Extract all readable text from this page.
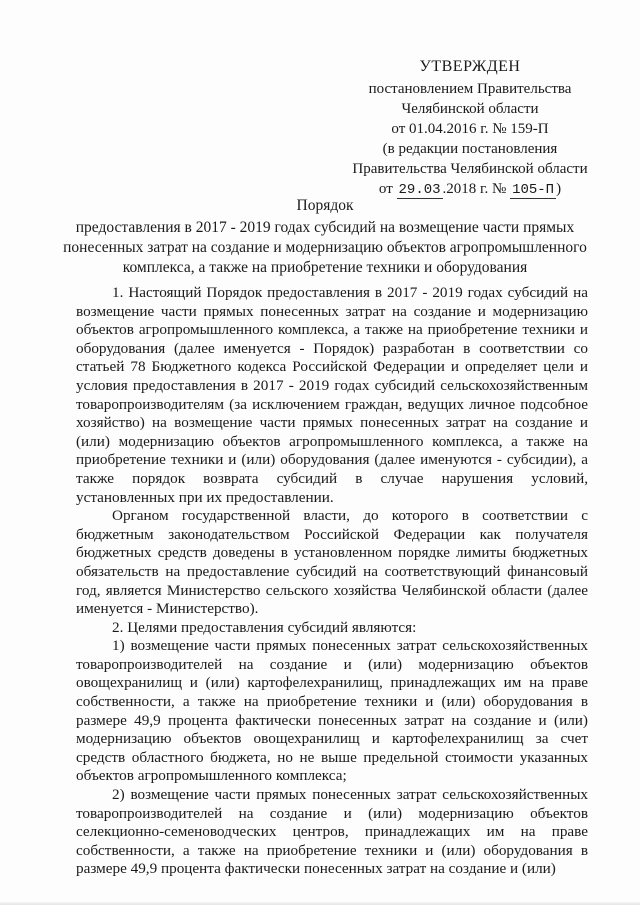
УТВЕРЖДЕН
постановлением Правительства
Челябинской области
от 01.04.2016 г. № 159-П
(в редакции постановления
Правительства Челябинской области
от 29.03 .2018 г. № 105-П )
Порядок
предоставления в 2017 - 2019 годах субсидий на возмещение части прямых понесенных затрат на создание и модернизацию объектов агропромышленного комплекса, а также на приобретение техники и оборудования

1. Настоящий Порядок предоставления в 2017 - 2019 годах субсидий на возмещение части прямых понесенных затрат на создание и модернизацию объектов агропромышленного комплекса, а также на приобретение техники и оборудования (далее именуется - Порядок) разработан в соответствии со статьей 78 Бюджетного кодекса Российской Федерации и определяет цели и условия предоставления в 2017 - 2019 годах субсидий сельскохозяйственным товаропроизводителям (за исключением граждан, ведущих личное подсобное хозяйство) на возмещение части прямых понесенных затрат на создание и (или) модернизацию объектов агропромышленного комплекса, а также на приобретение техники и (или) оборудования (далее именуются - субсидии), а также порядок возврата субсидий в случае нарушения условий, установленных при их предоставлении.

Органом государственной власти, до которого в соответствии с бюджетным законодательством Российской Федерации как получателя бюджетных средств доведены в установленном порядке лимиты бюджетных обязательств на предоставление субсидий на соответствующий финансовый год, является Министерство сельского хозяйства Челябинской области (далее именуется - Министерство).

2. Целями предоставления субсидий являются:

1) возмещение части прямых понесенных затрат сельскохозяйственных товаропроизводителей на создание и (или) модернизацию объектов овощехранилищ и (или) картофелехранилищ, принадлежащих им на праве собственности, а также на приобретение техники и (или) оборудования в размере 49,9 процента фактически понесенных затрат на создание и (или) модернизацию объектов овощехранилищ и картофелехранилищ за счет средств областного бюджета, но не выше предельной стоимости указанных объектов агропромышленного комплекса;

2) возмещение части прямых понесенных затрат сельскохозяйственных товаропроизводителей на создание и (или) модернизацию объектов селекционно-семеноводческих центров, принадлежащих им на праве собственности, а также на приобретение техники и (или) оборудования в размере 49,9 процента фактически понесенных затрат на создание и (или)
